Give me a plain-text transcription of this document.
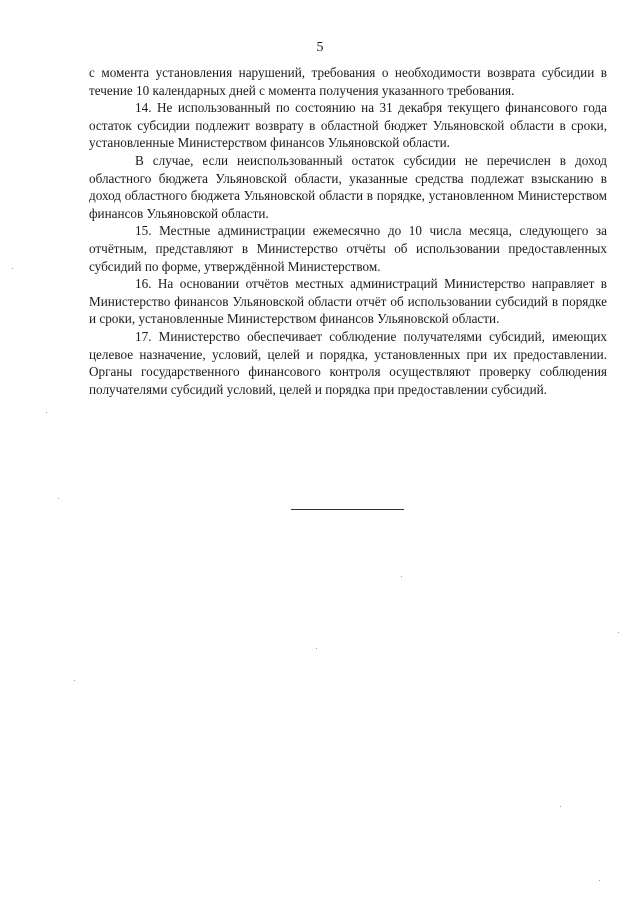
5

с момента установления нарушений, требования о необходимости возврата субсидии в течение 10 календарных дней с момента получения указанного требования.

14. Не использованный по состоянию на 31 декабря текущего финансового года остаток субсидии подлежит возврату в областной бюджет Ульяновской области в сроки, установленные Министерством финансов Ульяновской области.

В случае, если неиспользованный остаток субсидии не перечислен в доход областного бюджета Ульяновской области, указанные средства подлежат взысканию в доход областного бюджета Ульяновской области в порядке, установленном Министерством финансов Ульяновской области.

15. Местные администрации ежемесячно до 10 числа месяца, следующего за отчётным, представляют в Министерство отчёты об использовании предоставленных субсидий по форме, утверждённой Министерством.

16. На основании отчётов местных администраций Министерство направляет в Министерство финансов Ульяновской области отчёт об использовании субсидий в порядке и сроки, установленные Министерством финансов Ульяновской области.

17. Министерство обеспечивает соблюдение получателями субсидий, имеющих целевое назначение, условий, целей и порядка, установленных при их предоставлении. Органы государственного финансового контроля осуществляют проверку соблюдения получателями субсидий условий, целей и порядка при предоставлении субсидий.
